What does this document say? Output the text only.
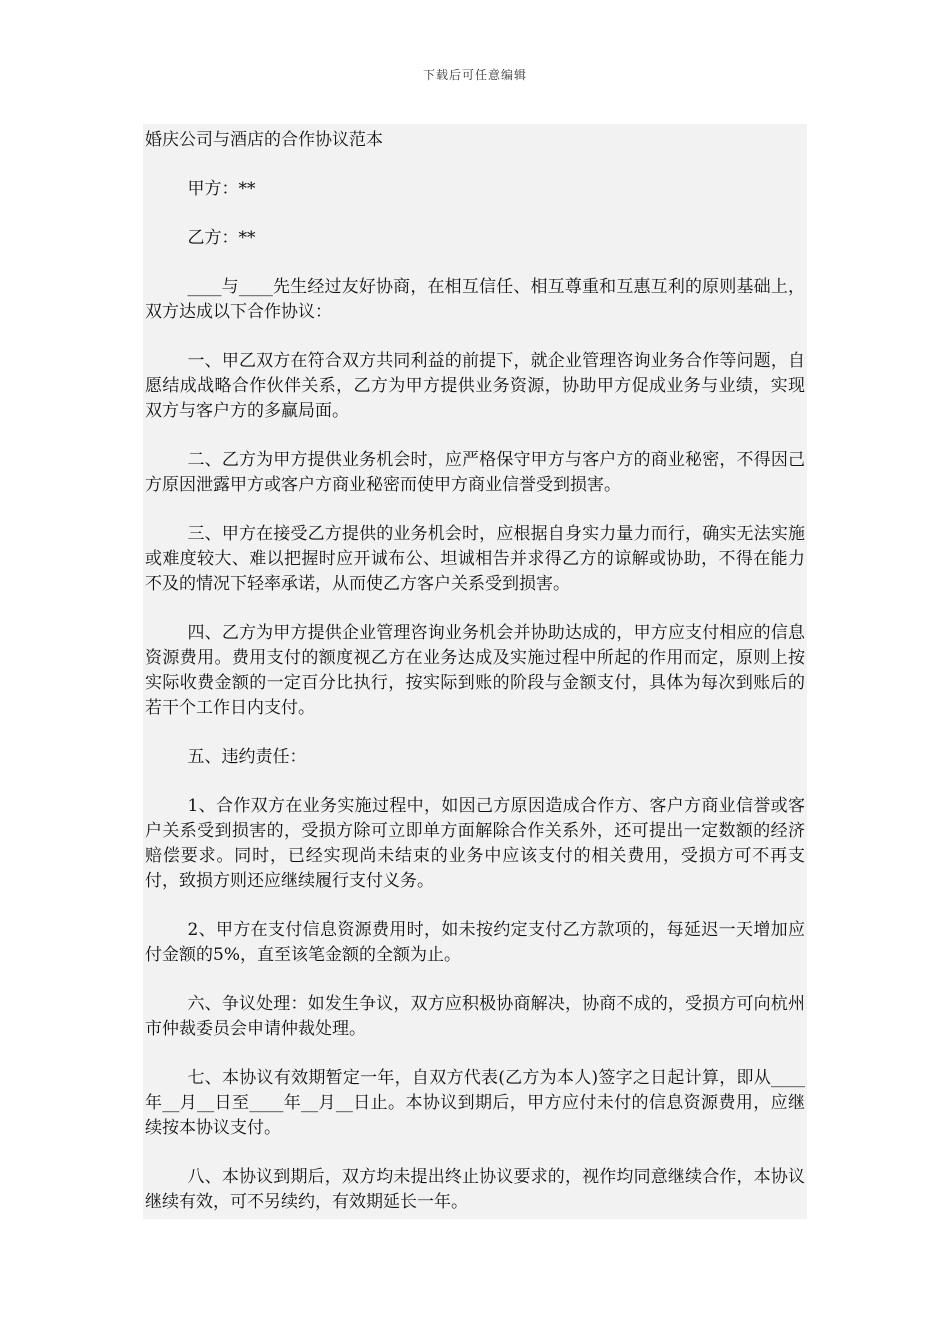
下载后可任意编辑
婚庆公司与酒店的合作协议范本
甲方：**
乙方：**
____与____先生经过友好协商，在相互信任、相互尊重和互惠互利的原则基础上，双方达成以下合作协议：
一、甲乙双方在符合双方共同利益的前提下，就企业管理咨询业务合作等问题，自愿结成战略合作伙伴关系，乙方为甲方提供业务资源，协助甲方促成业务与业绩，实现双方与客户方的多赢局面。
二、乙方为甲方提供业务机会时，应严格保守甲方与客户方的商业秘密，不得因己方原因泄露甲方或客户方商业秘密而使甲方商业信誉受到损害。
三、甲方在接受乙方提供的业务机会时，应根据自身实力量力而行，确实无法实施或难度较大、难以把握时应开诚布公、坦诚相告并求得乙方的谅解或协助，不得在能力不及的情况下轻率承诺，从而使乙方客户关系受到损害。
四、乙方为甲方提供企业管理咨询业务机会并协助达成的，甲方应支付相应的信息资源费用。费用支付的额度视乙方在业务达成及实施过程中所起的作用而定，原则上按实际收费金额的一定百分比执行，按实际到账的阶段与金额支付，具体为每次到账后的若干个工作日内支付。
五、违约责任：
1、合作双方在业务实施过程中，如因己方原因造成合作方、客户方商业信誉或客户关系受到损害的，受损方除可立即单方面解除合作关系外，还可提出一定数额的经济赔偿要求。同时，已经实现尚未结束的业务中应该支付的相关费用，受损方可不再支付，致损方则还应继续履行支付义务。
2、甲方在支付信息资源费用时，如未按约定支付乙方款项的，每延迟一天增加应付金额的5%，直至该笔金额的全额为止。
六、争议处理：如发生争议，双方应积极协商解决，协商不成的，受损方可向杭州市仲裁委员会申请仲裁处理。
七、本协议有效期暂定一年，自双方代表(乙方为本人)签字之日起计算，即从____年__月__日至____年__月__日止。本协议到期后，甲方应付未付的信息资源费用，应继续按本协议支付。
八、本协议到期后，双方均未提出终止协议要求的，视作均同意继续合作，本协议继续有效，可不另续约，有效期延长一年。
